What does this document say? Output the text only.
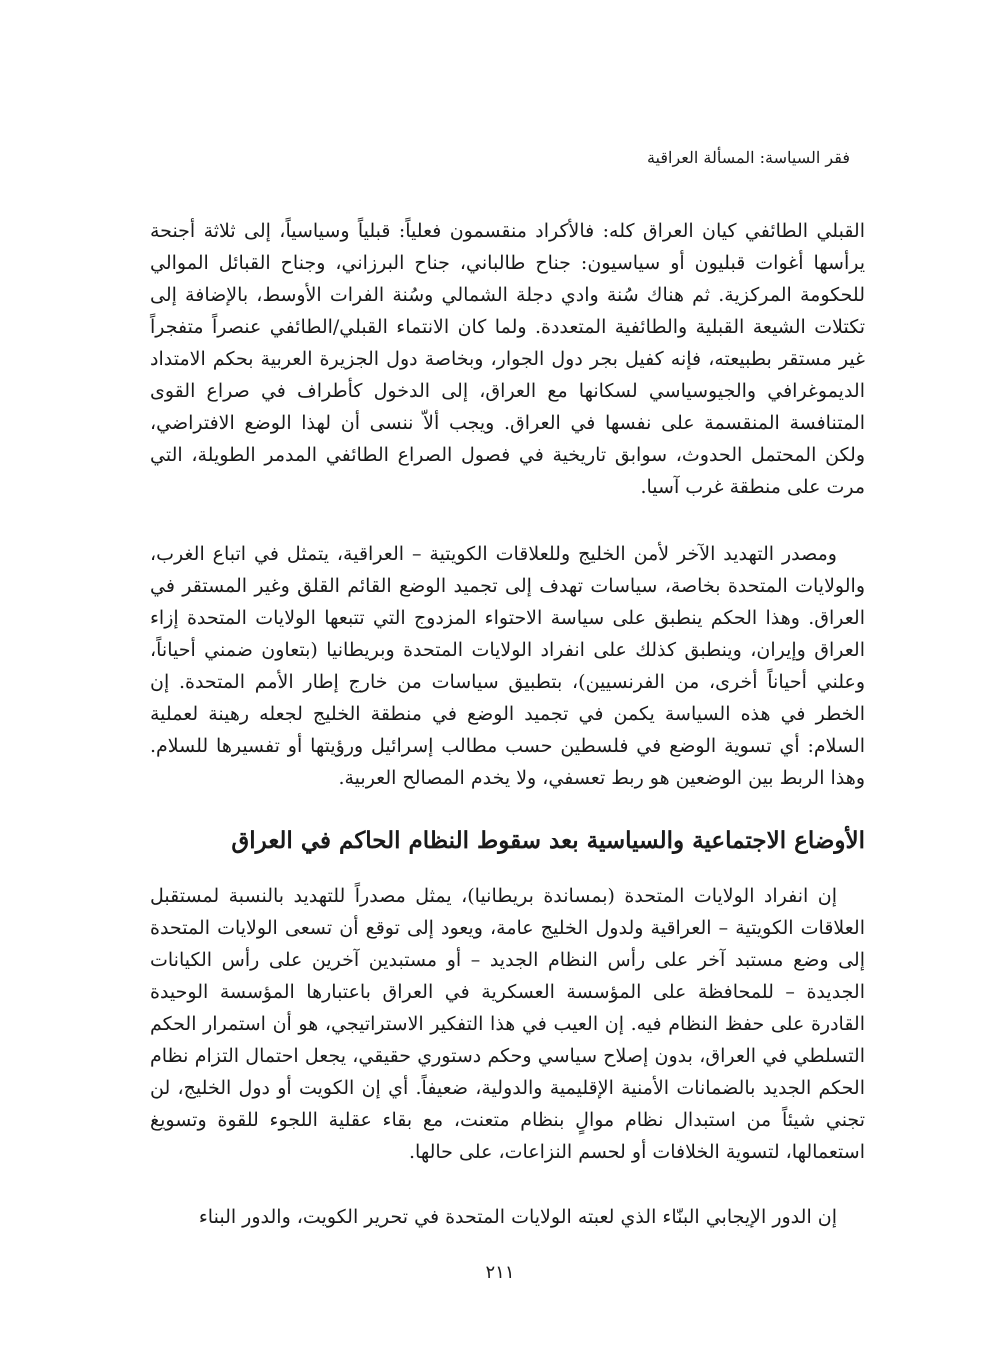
فقر السياسة: المسألة العراقية

القبلي الطائفي كيان العراق كله: فالأكراد منقسمون فعلياً: قبلياً وسياسياً، إلى ثلاثة أجنحة يرأسها أغوات قبليون أو سياسيون: جناح طالباني، جناح البرزاني، وجناح القبائل الموالي للحكومة المركزية. ثم هناك سُنة وادي دجلة الشمالي وسُنة الفرات الأوسط، بالإضافة إلى تكتلات الشيعة القبلية والطائفية المتعددة. ولما كان الانتماء القبلي/الطائفي عنصراً متفجراً غير مستقر بطبيعته، فإنه كفيل بجر دول الجوار، وبخاصة دول الجزيرة العربية بحكم الامتداد الديموغرافي والجيوسياسي لسكانها مع العراق، إلى الدخول كأطراف في صراع القوى المتنافسة المنقسمة على نفسها في العراق. ويجب ألاّ ننسى أن لهذا الوضع الافتراضي، ولكن المحتمل الحدوث، سوابق تاريخية في فصول الصراع الطائفي المدمر الطويلة، التي مرت على منطقة غرب آسيا.

ومصدر التهديد الآخر لأمن الخليج وللعلاقات الكويتية – العراقية، يتمثل في اتباع الغرب، والولايات المتحدة بخاصة، سياسات تهدف إلى تجميد الوضع القائم القلق وغير المستقر في العراق. وهذا الحكم ينطبق على سياسة الاحتواء المزدوج التي تتبعها الولايات المتحدة إزاء العراق وإيران، وينطبق كذلك على انفراد الولايات المتحدة وبريطانيا (بتعاون ضمني أحياناً، وعلني أحياناً أخرى، من الفرنسيين)، بتطبيق سياسات من خارج إطار الأمم المتحدة. إن الخطر في هذه السياسة يكمن في تجميد الوضع في منطقة الخليج لجعله رهينة لعملية السلام: أي تسوية الوضع في فلسطين حسب مطالب إسرائيل ورؤيتها أو تفسيرها للسلام. وهذا الربط بين الوضعين هو ربط تعسفي، ولا يخدم المصالح العربية.

الأوضاع الاجتماعية والسياسية بعد سقوط النظام الحاكم في العراق

إن انفراد الولايات المتحدة (بمساندة بريطانيا)، يمثل مصدراً للتهديد بالنسبة لمستقبل العلاقات الكويتية – العراقية ولدول الخليج عامة، ويعود إلى توقع أن تسعى الولايات المتحدة إلى وضع مستبد آخر على رأس النظام الجديد – أو مستبدين آخرين على رأس الكيانات الجديدة – للمحافظة على المؤسسة العسكرية في العراق باعتبارها المؤسسة الوحيدة القادرة على حفظ النظام فيه. إن العيب في هذا التفكير الاستراتيجي، هو أن استمرار الحكم التسلطي في العراق، بدون إصلاح سياسي وحكم دستوري حقيقي، يجعل احتمال التزام نظام الحكم الجديد بالضمانات الأمنية الإقليمية والدولية، ضعيفاً. أي إن الكويت أو دول الخليج، لن تجني شيئاً من استبدال نظام موالٍ بنظام متعنت، مع بقاء عقلية اللجوء للقوة وتسويغ استعمالها، لتسوية الخلافات أو لحسم النزاعات، على حالها.

إن الدور الإيجابي البنّاء الذي لعبته الولايات المتحدة في تحرير الكويت، والدور البناء

٢١١
